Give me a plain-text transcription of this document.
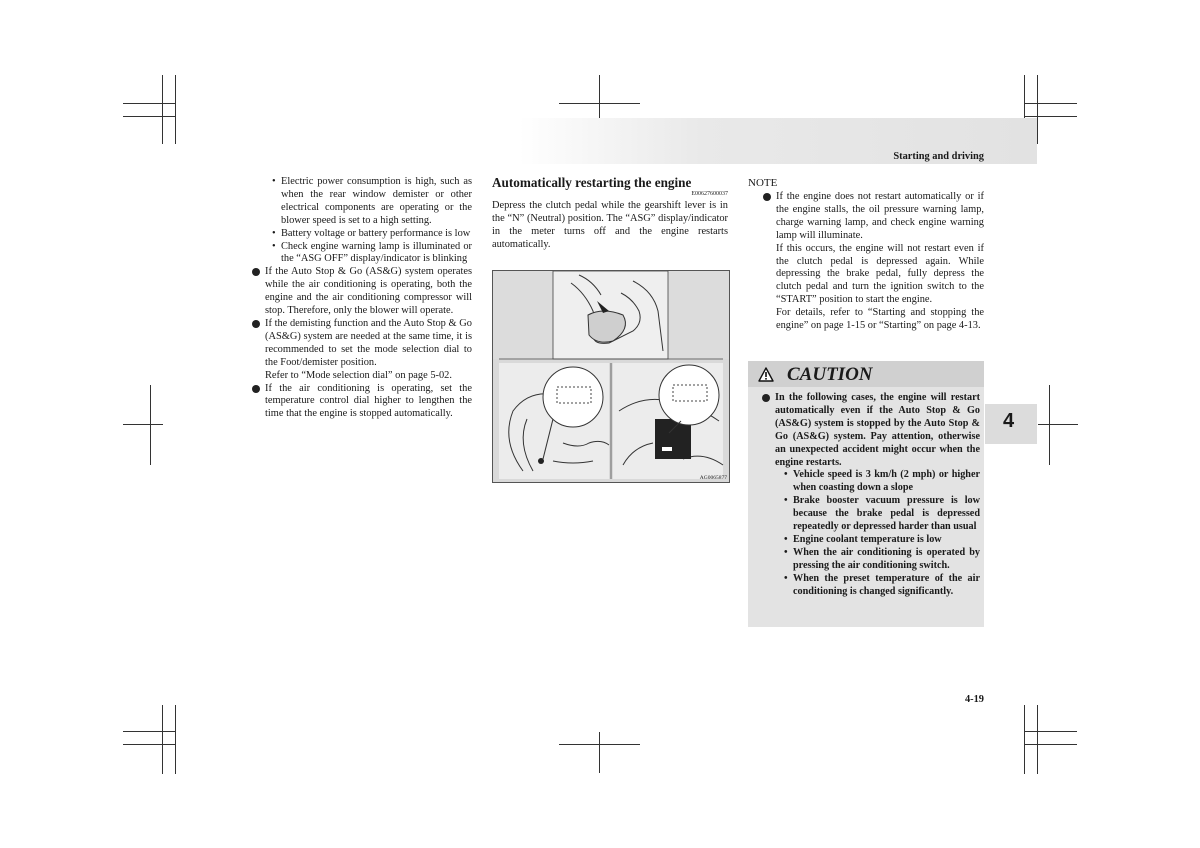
Starting and driving
4
• Electric power consumption is high, such as when the rear window demister or other electrical components are operating or the blower speed is set to a high setting.
• Battery voltage or battery performance is low
• Check engine warning lamp is illuminated or the “ASG OFF” display/indicator is blinking
If the Auto Stop & Go (AS&G) system operates while the air conditioning is operating, both the engine and the air conditioning compressor will stop. Therefore, only the blower will operate.
If the demisting function and the Auto Stop & Go (AS&G) system are needed at the same time, it is recommended to set the mode selection dial to the Foot/demister position.
Refer to “Mode selection dial” on page 5-02.
If the air conditioning is operating, set the temperature control dial higher to lengthen the time that the engine is stopped automatically.
Automatically restarting the engine
E00627600037
Depress the clutch pedal while the gearshift lever is in the “N” (Neutral) position. The “ASG” display/indicator in the meter turns off and the engine restarts automatically.
AG0065877
NOTE
If the engine does not restart automatically or if the engine stalls, the oil pressure warning lamp, charge warning lamp, and check engine warning lamp will illuminate.
If this occurs, the engine will not restart even if the clutch pedal is depressed again. While depressing the brake pedal, fully depress the clutch pedal and turn the ignition switch to the “START” position to start the engine.
For details, refer to “Starting and stopping the engine” on page 1-15 or “Starting” on page 4-13.
CAUTION
In the following cases, the engine will restart automatically even if the Auto Stop & Go (AS&G) system is stopped by the Auto Stop & Go (AS&G) system. Pay attention, otherwise an unexpected accident might occur when the engine restarts.
• Vehicle speed is 3 km/h (2 mph) or higher when coasting down a slope
• Brake booster vacuum pressure is low because the brake pedal is depressed repeatedly or depressed harder than usual
• Engine coolant temperature is low
• When the air conditioning is operated by pressing the air conditioning switch.
• When the preset temperature of the air conditioning is changed significantly.
4-19
